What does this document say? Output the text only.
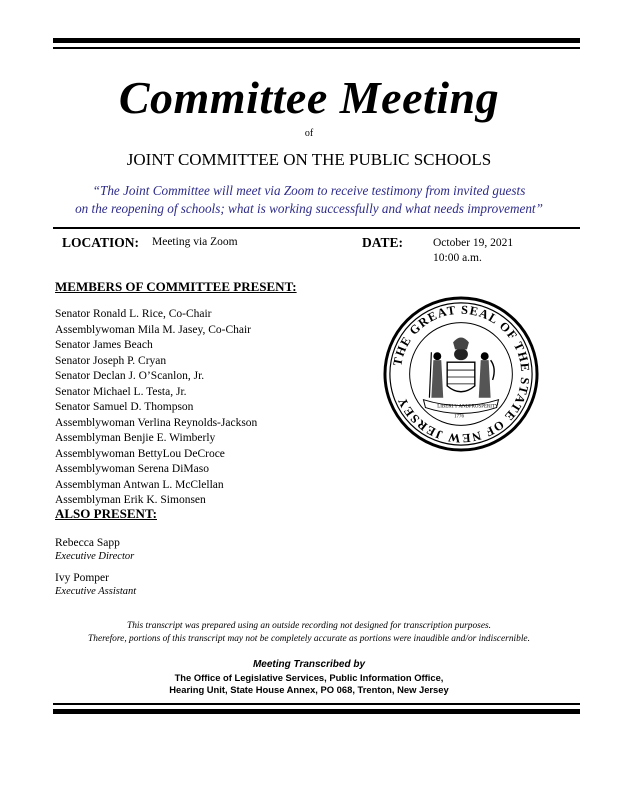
Committee Meeting
of
JOINT COMMITTEE ON THE PUBLIC SCHOOLS
“The Joint Committee will meet via Zoom to receive testimony from invited guests
on the reopening of schools; what is working successfully and what needs improvement”
LOCATION: Meeting via Zoom	DATE:	October 19, 2021
10:00 a.m.
MEMBERS OF COMMITTEE PRESENT:
Senator Ronald L. Rice, Co-Chair
Assemblywoman Mila M. Jasey, Co-Chair
Senator James Beach
Senator Joseph P. Cryan
Senator Declan J. O’Scanlon, Jr.
Senator Michael L. Testa, Jr.
Senator Samuel D. Thompson
Assemblywoman Verlina Reynolds-Jackson
Assemblyman Benjie E. Wimberly
Assemblywoman BettyLou DeCroce
Assemblywoman Serena DiMaso
Assemblyman Antwan L. McClellan
Assemblyman Erik K. Simonsen
THE GREAT SEAL OF THE STATE OF NEW JERSEY	LIBERTY AND PROSPERITY
1776
ALSO PRESENT:
Rebecca Sapp
Executive Director
Ivy Pomper
Executive Assistant
This transcript was prepared using an outside recording not designed for transcription purposes.
Therefore, portions of this transcript may not be completely accurate as portions were inaudible and/or indiscernible.
Meeting Transcribed by
The Office of Legislative Services, Public Information Office,
Hearing Unit, State House Annex, PO 068, Trenton, New Jersey
